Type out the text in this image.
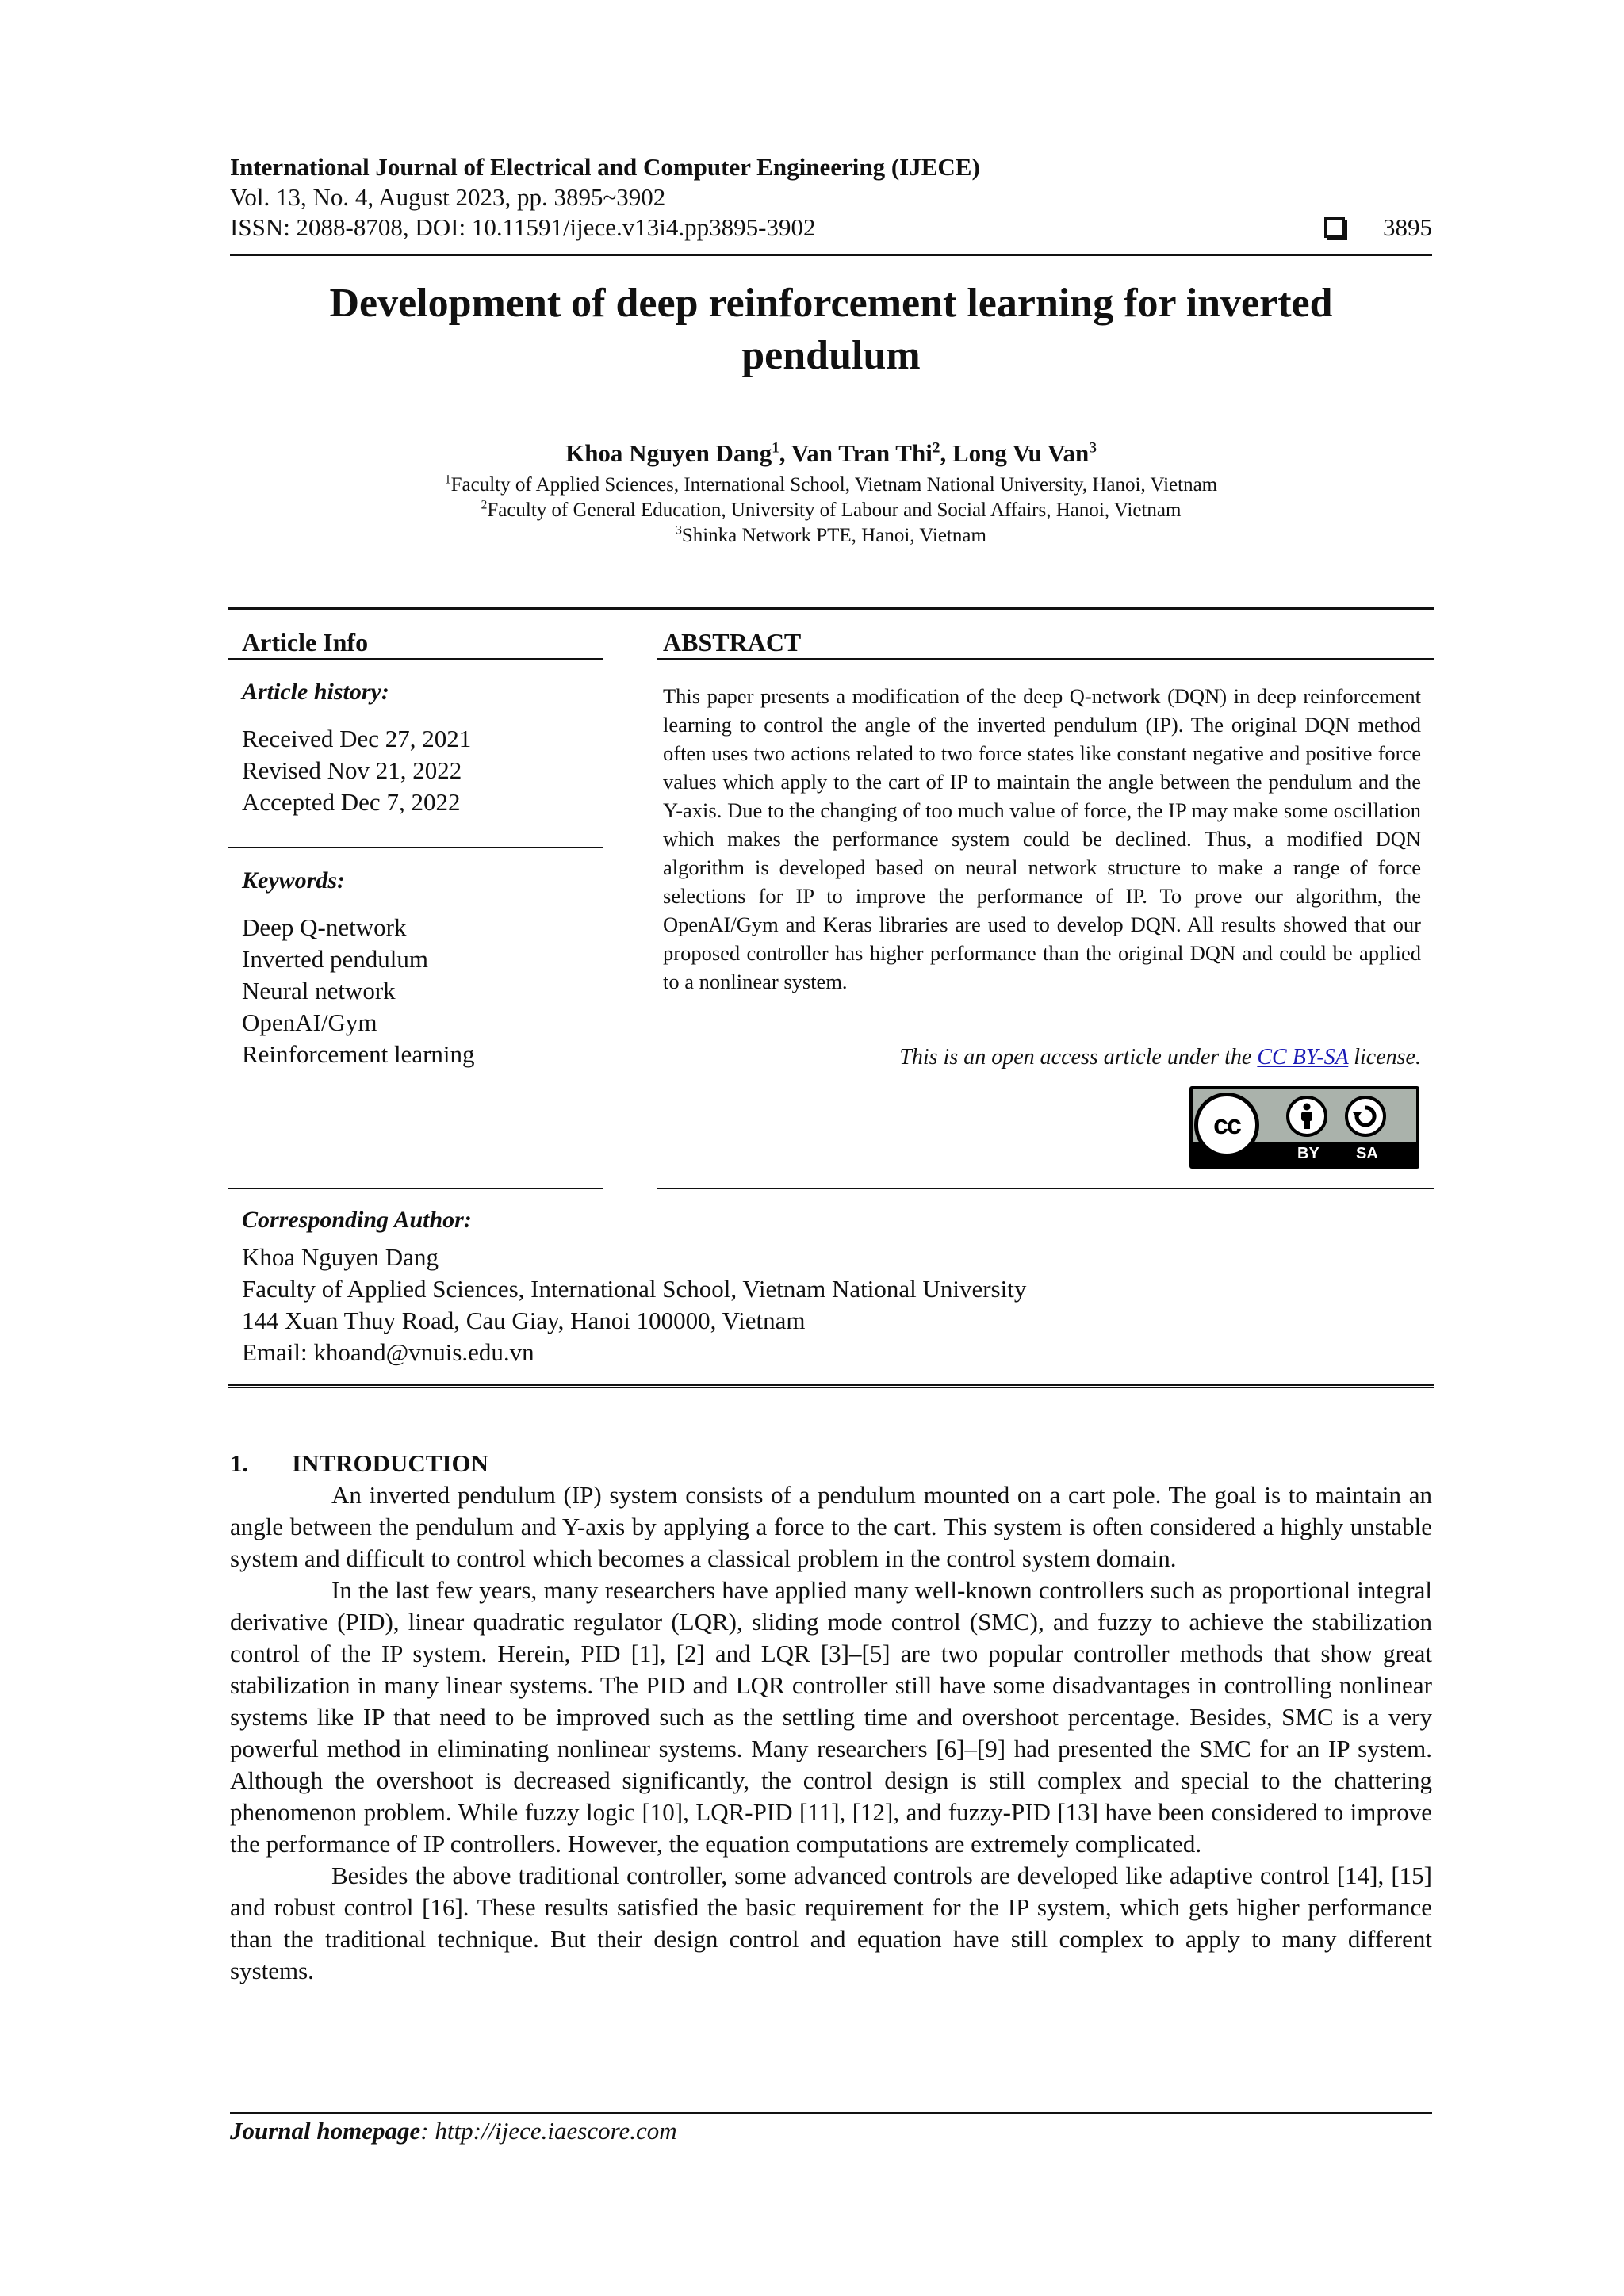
International Journal of Electrical and Computer Engineering (IJECE)
Vol. 13, No. 4, August 2023, pp. 3895~3902
ISSN: 2088-8708, DOI: 10.11591/ijece.v13i4.pp3895-3902	3895
Development of deep reinforcement learning for inverted
pendulum
Khoa Nguyen Dang$^1$, Van Tran Thi$^2$, Long Vu Van$^3$
$^1$Faculty of Applied Sciences, International School, Vietnam National University, Hanoi, Vietnam
$^2$Faculty of General Education, University of Labour and Social Affairs, Hanoi, Vietnam
$^3$Shinka Network PTE, Hanoi, Vietnam
Article Info	ABSTRACT
Article history:
Received Dec 27, 2021
Revised Nov 21, 2022
Accepted Dec 7, 2022
Keywords:
Deep Q-network
Inverted pendulum
Neural network
OpenAI/Gym
Reinforcement learning
This paper presents a modification of the deep Q-network (DQN) in deep reinforcement learning to control the angle of the inverted pendulum (IP). The original DQN method often uses two actions related to two force states like constant negative and positive force values which apply to the cart of IP to maintain the angle between the pendulum and the Y-axis. Due to the changing of too much value of force, the IP may make some oscillation which makes the performance system could be declined. Thus, a modified DQN algorithm is developed based on neural network structure to make a range of force selections for IP to improve the performance of IP. To prove our algorithm, the OpenAI/Gym and Keras libraries are used to develop DQN. All results showed that our proposed controller has higher performance than the original DQN and could be applied to a nonlinear system.
This is an open access article under the CC BY-SA license.
cc
BY SA
Corresponding Author:
Khoa Nguyen Dang
Faculty of Applied Sciences, International School, Vietnam National University
144 Xuan Thuy Road, Cau Giay, Hanoi 100000, Vietnam
Email: khoand@vnuis.edu.vn
1. INTRODUCTION

An inverted pendulum (IP) system consists of a pendulum mounted on a cart pole. The goal is to maintain an angle between the pendulum and Y-axis by applying a force to the cart. This system is often considered a highly unstable system and difficult to control which becomes a classical problem in the control system domain.

In the last few years, many researchers have applied many well-known controllers such as proportional integral derivative (PID), linear quadratic regulator (LQR), sliding mode control (SMC), and fuzzy to achieve the stabilization control of the IP system. Herein, PID [1], [2] and LQR [3]–[5] are two popular controller methods that show great stabilization in many linear systems. The PID and LQR controller still have some disadvantages in controlling nonlinear systems like IP that need to be improved such as the settling time and overshoot percentage. Besides, SMC is a very powerful method in eliminating nonlinear systems. Many researchers [6]–[9] had presented the SMC for an IP system. Although the overshoot is decreased significantly, the control design is still complex and special to the chattering phenomenon problem. While fuzzy logic [10], LQR-PID [11], [12], and fuzzy-PID [13] have been considered to improve the performance of IP controllers. However, the equation computations are extremely complicated.

Besides the above traditional controller, some advanced controls are developed like adaptive control [14], [15] and robust control [16]. These results satisfied the basic requirement for the IP system, which gets higher performance than the traditional technique. But their design control and equation have still complex to apply to many different systems.

Journal homepage: http://ijece.iaescore.com
